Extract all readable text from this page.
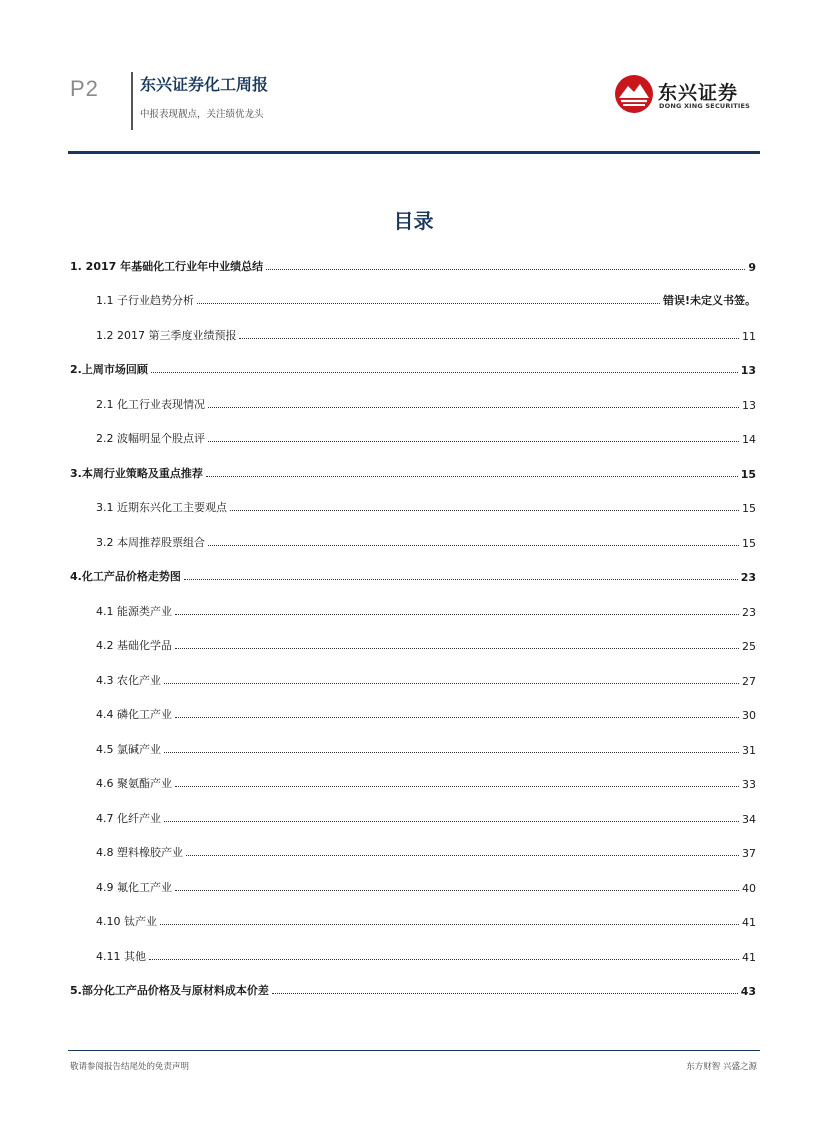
P2	东兴证券化工周报
中报表现靓点，关注绩优龙头
东兴证券
DONG XING SECURITIES
目录
1. 2017 年基础化工行业年中业绩总结	9
1.1 子行业趋势分析	错误!未定义书签。
1.2 2017 第三季度业绩预报	11
2.上周市场回顾	13
2.1 化工行业表现情况	13
2.2 波幅明显个股点评	14
3.本周行业策略及重点推荐	15
3.1 近期东兴化工主要观点	15
3.2 本周推荐股票组合	15
4.化工产品价格走势图	23
4.1 能源类产业	23
4.2 基础化学品	25
4.3 农化产业	27
4.4 磷化工产业	30
4.5 氯碱产业	31
4.6 聚氨酯产业	33
4.7 化纤产业	34
4.8 塑料橡胶产业	37
4.9 氟化工产业	40
4.10 钛产业	41
4.11 其他	41
5.部分化工产品价格及与原材料成本价差	43
敬请参阅报告结尾处的免责声明	东方财智 兴盛之源
